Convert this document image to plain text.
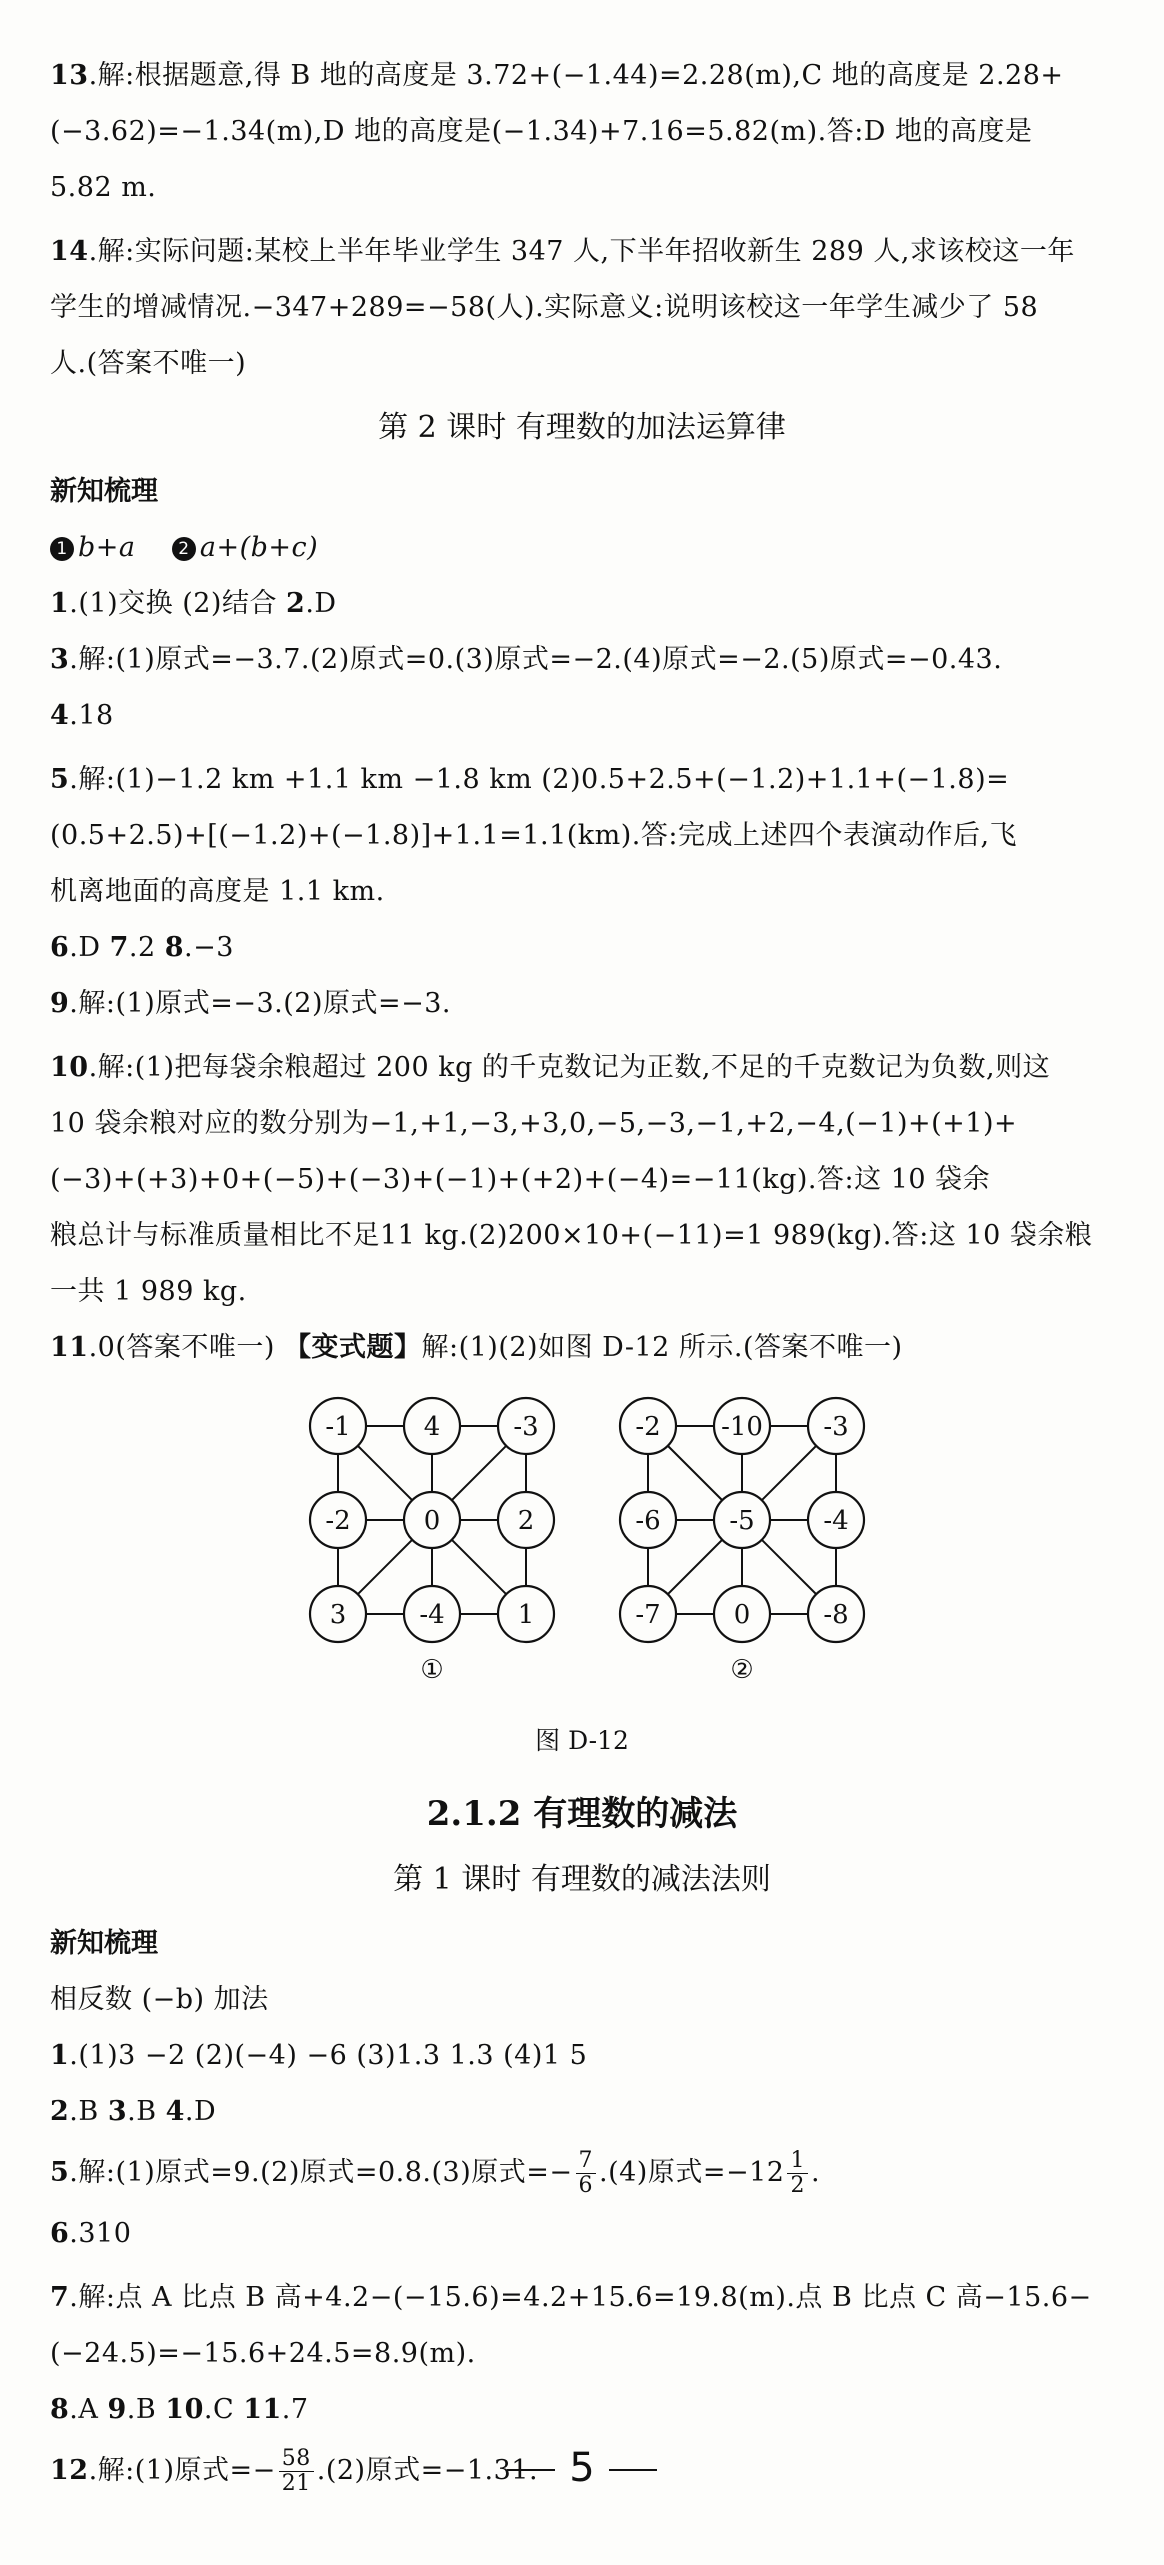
13.解:根据题意,得 B 地的高度是 3.72+(−1.44)=2.28(m),C 地的高度是 2.28+
(−3.62)=−1.34(m),D 地的高度是(−1.34)+7.16=5.82(m).答:D 地的高度是
5.82 m.
14.解:实际问题:某校上半年毕业学生 347 人,下半年招收新生 289 人,求该校这一年
学生的增减情况.−347+289=−58(人).实际意义:说明该校这一年学生减少了 58
人.(答案不唯一)
第 2 课时 有理数的加法运算律
新知梳理
1 b+a	2 a+(b+c)
1.(1)交换 (2)结合 2.D
3.解:(1)原式=−3.7.(2)原式=0.(3)原式=−2.(4)原式=−2.(5)原式=−0.43.
4.18
5.解:(1)−1.2 km +1.1 km −1.8 km (2)0.5+2.5+(−1.2)+1.1+(−1.8)=
(0.5+2.5)+[(−1.2)+(−1.8)]+1.1=1.1(km).答:完成上述四个表演动作后,飞
机离地面的高度是 1.1 km.
6.D 7.2 8.−3
9.解:(1)原式=−3.(2)原式=−3.
10.解:(1)把每袋余粮超过 200 kg 的千克数记为正数,不足的千克数记为负数,则这
10 袋余粮对应的数分别为−1,+1,−3,+3,0,−5,−3,−1,+2,−4,(−1)+(+1)+
(−3)+(+3)+0+(−5)+(−3)+(−1)+(+2)+(−4)=−11(kg).答:这 10 袋余
粮总计与标准质量相比不足11 kg.(2)200×10+(−11)=1 989(kg).答:这 10 袋余粮
一共 1 989 kg.
11.0(答案不唯一) 【变式题】解:(1)(2)如图 D-12 所示.(答案不唯一)
-1	4	-3
-2	0	2
3	-4	1
①
-2 -10 -3
-6	-5	-4
-7	0	-8
②
图 D-12
2.1.2 有理数的减法
第 1 课时 有理数的减法法则
新知梳理
相反数 (−b) 加法
1.(1)3 −2 (2)(−4) −6 (3)1.3 1.3 (4)1 5
2.B 3.B 4.D
5.解:(1)原式=9.(2)原式=0.8.(3)原式=− $\frac{7}{6} .(4)$原式$=-12 \frac{1}{2}$ .
6.310
7.解:点 A 比点 B 高+4.2−(−15.6)=4.2+15.6=19.8(m).点 B 比点 C 高−15.6−
(−24.5)=−15.6+24.5=8.9(m).
8.A 9.B 10.C 11.7
12.解:(1)原式=− $\frac{58}{21} .(2)$原式=−1.31. 5
